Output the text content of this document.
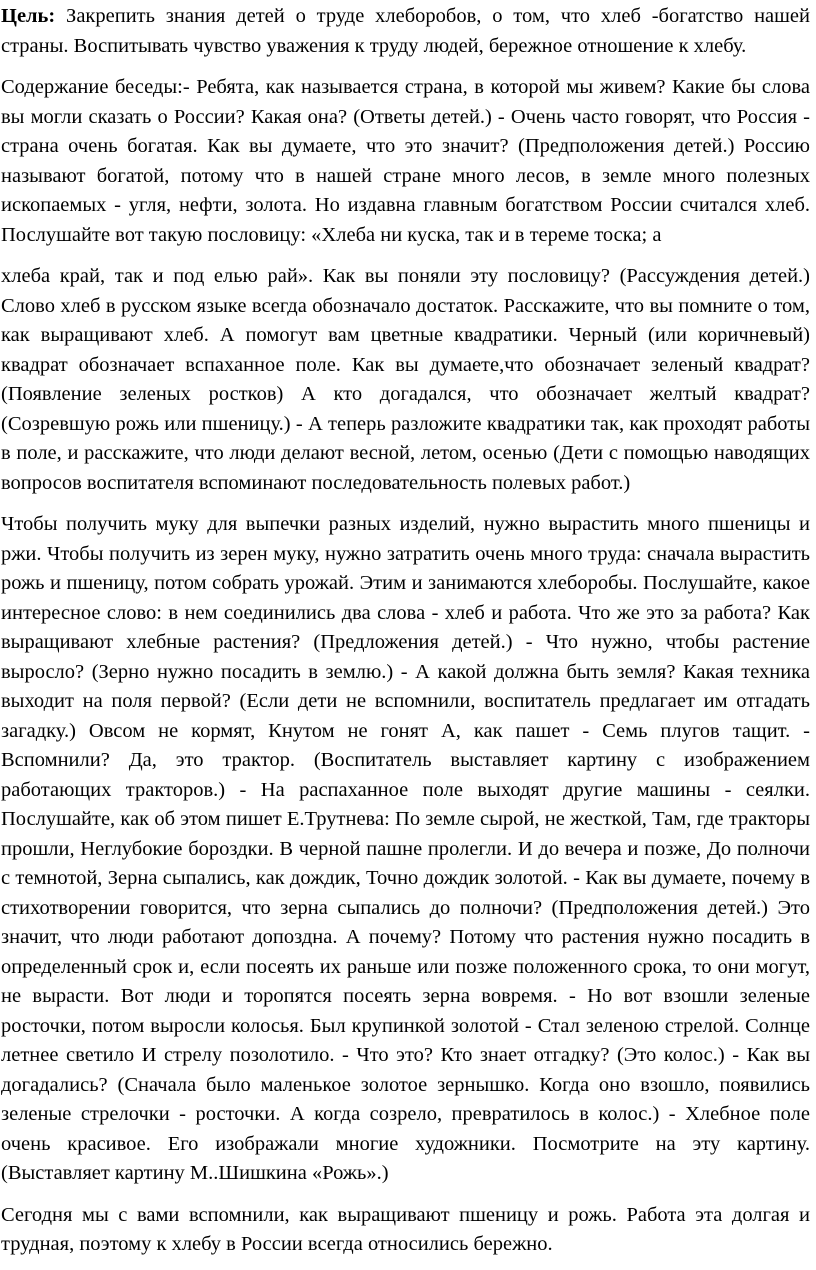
Цель: Закрепить знания детей о труде хлеборобов, о том, что хлеб -богатство нашей страны. Воспитывать чувство уважения к труду людей, бережное отношение к хлебу.

Содержание беседы:- Ребята, как называется страна, в которой мы живем? Какие бы слова вы могли сказать о России? Какая она? (Ответы детей.) - Очень часто говорят, что Россия - страна очень богатая. Как вы думаете, что это значит? (Предположения детей.) Россию называют богатой, потому что в нашей стране много лесов, в земле много полезных ископаемых - угля, нефти, золота. Но издавна главным богатством России считался хлеб. Послушайте вот такую пословицу: «Хлеба ни куска, так и в тереме тоска; а

хлеба край, так и под елью рай». Как вы поняли эту пословицу? (Рассуждения детей.) Слово хлеб в русском языке всегда обозначало достаток. Расскажите, что вы помните о том, как выращивают хлеб. А помогут вам цветные квадратики. Черный (или коричневый) квадрат обозначает вспаханное поле. Как вы думаете,что обозначает зеленый квадрат? (Появление зеленых ростков) А кто догадался, что обозначает желтый квадрат? (Созревшую рожь или пшеницу.) - А теперь разложите квадратики так, как проходят работы в поле, и расскажите, что люди делают весной, летом, осенью (Дети с помощью наводящих вопросов воспитателя вспоминают последовательность полевых работ.)

Чтобы получить муку для выпечки разных изделий, нужно вырастить много пшеницы и ржи. Чтобы получить из зерен муку, нужно затратить очень много труда: сначала вырастить рожь и пшеницу, потом собрать урожай. Этим и занимаются хлеборобы. Послушайте, какое интересное слово: в нем соединились два слова - хлеб и работа. Что же это за работа? Как выращивают хлебные растения? (Предложения детей.) - Что нужно, чтобы растение выросло? (Зерно нужно посадить в землю.) - А какой должна быть земля? Какая техника выходит на поля первой? (Если дети не вспомнили, воспитатель предлагает им отгадать загадку.) Овсом не кормят, Кнутом не гонят А, как пашет - Семь плугов тащит. - Вспомнили? Да, это трактор. (Воспитатель выставляет картину с изображением работающих тракторов.) - На распаханное поле выходят другие машины - сеялки. Послушайте, как об этом пишет Е.Трутнева: По земле сырой, не жесткой, Там, где тракторы прошли, Неглубокие бороздки. В черной пашне пролегли. И до вечера и позже, До полночи с темнотой, Зерна сыпались, как дождик, Точно дождик золотой. - Как вы думаете, почему в стихотворении говорится, что зерна сыпались до полночи? (Предположения детей.) Это значит, что люди работают допоздна. А почему? Потому что растения нужно посадить в определенный срок и, если посеять их раньше или позже положенного срока, то они могут, не вырасти. Вот люди и торопятся посеять зерна вовремя. - Но вот взошли зеленые росточки, потом выросли колосья. Был крупинкой золотой - Стал зеленою стрелой. Солнце летнее светило И стрелу позолотило. - Что это? Кто знает отгадку? (Это колос.) - Как вы догадались? (Сначала было маленькое золотое зернышко. Когда оно взошло, появились зеленые стрелочки - росточки. А когда созрело, превратилось в колос.) - Хлебное поле очень красивое. Его изображали многие художники. Посмотрите на эту картину. (Выставляет картину М..Шишкина «Рожь».)

Сегодня мы с вами вспомнили, как выращивают пшеницу и рожь. Работа эта долгая и трудная, поэтому к хлебу в России всегда относились бережно.
